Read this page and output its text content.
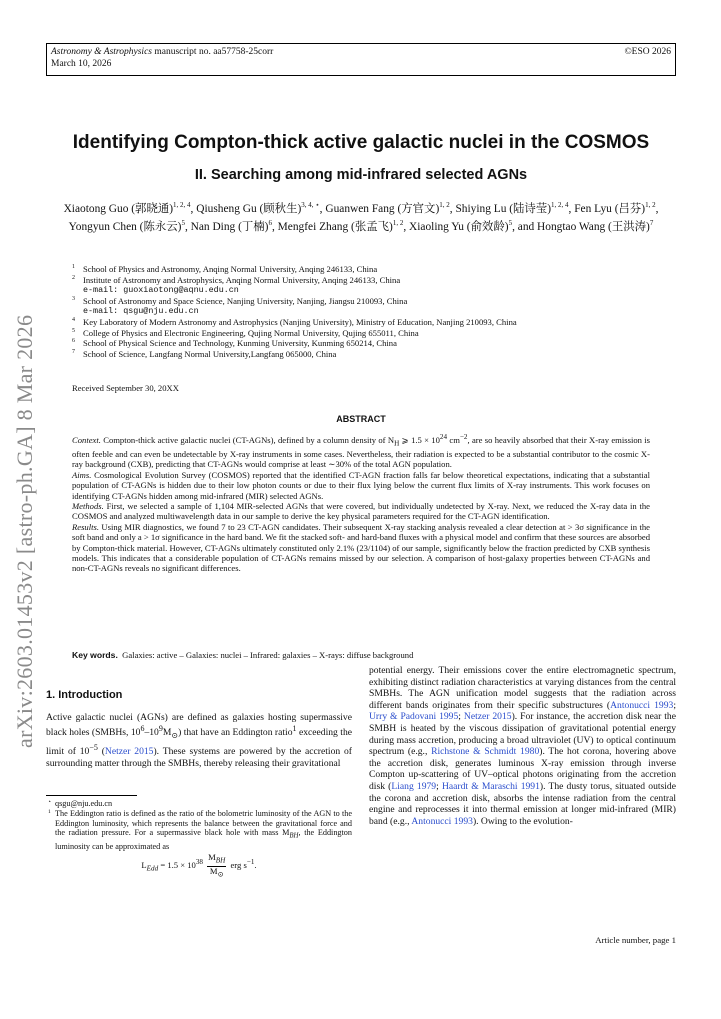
Astronomy & Astrophysics manuscript no. aa57758-25corr
March 10, 2026
©ESO 2026
arXiv:2603.01453v2 [astro-ph.GA] 8 Mar 2026
Identifying Compton-thick active galactic nuclei in the COSMOS
II. Searching among mid-infrared selected AGNs
Xiaotong Guo (郭晓通)$^{1, 2, 4}$, Qiusheng Gu (顾秋生)$^{3, 4, ⋆}$, Guanwen Fang (方官文)$^{1, 2}$, Shiying Lu (陆诗莹)$^{1, 2, 4}$, Fen Lyu (吕芬)$^{1, 2}$, Yongyun Chen (陈永云)$^5$, Nan Ding (丁楠)$^6$, Mengfei Zhang (张孟飞)$^{1, 2}$, Xiaoling Yu (俞效龄)$^5$, and Hongtao Wang (王洪涛)$^7$
1 School of Physics and Astronomy, Anqing Normal University, Anqing 246133, China
2 Institute of Astronomy and Astrophysics, Anqing Normal University, Anqing 246133, China
e-mail: guoxiaotong@aqnu.edu.cn
3 School of Astronomy and Space Science, Nanjing University, Nanjing, Jiangsu 210093, China
e-mail: qsgu@nju.edu.cn
4 Key Laboratory of Modern Astronomy and Astrophysics (Nanjing University), Ministry of Education, Nanjing 210093, China
5 College of Physics and Electronic Engineering, Qujing Normal University, Qujing 655011, China
6 School of Physical Science and Technology, Kunming University, Kunming 650214, China
7 School of Science, Langfang Normal University,Langfang 065000, China
Received September 30, 20XX
ABSTRACT

Context. Compton-thick active galactic nuclei (CT-AGNs), defined by a column density of $N_H$ ⩾ $1.5 \times 10^{24}$ $cm^{-2}$, are so heavily absorbed that their X-ray emission is often feeble and can even be undetectable by X-ray instruments in some cases. Nevertheless, their radiation is expected to be a substantial contributor to the cosmic X-ray background (CXB), predicting that CT-AGNs would comprise at least ∼30% of the total AGN population.

Aims. Cosmological Evolution Survey (COSMOS) reported that the identified CT-AGN fraction falls far below theoretical expectations, indicating that a substantial population of CT-AGNs is hidden due to their low photon counts or due to their flux lying below the current flux limits of X-ray instruments. This work focuses on identifying CT-AGNs hidden among mid-infrared (MIR) selected AGNs.

Methods. First, we selected a sample of 1,104 MIR-selected AGNs that were covered, but individually undetected by X-ray. Next, we reduced the X-ray data in the COSMOS and analyzed multiwavelength data in our sample to derive the key physical parameters required for the CT-AGN identification.

Results. Using MIR diagnostics, we found 7 to 23 CT-AGN candidates. Their subsequent X-ray stacking analysis revealed a clear detection at > 3σ significance in the soft band and only a > 1σ significance in the hard band. We fit the stacked soft- and hard-band fluxes with a physical model and confirm that these sources are absorbed by Compton-thick material. However, CT-AGNs ultimately constituted only 2.1% (23/1104) of our sample, significantly below the fraction predicted by CXB synthesis models. This indicates that a considerable population of CT-AGNs remains missed by our selection. A comparison of host-galaxy properties between CT-AGNs and non-CT-AGNs reveals no significant differences.

Key words. Galaxies: active – Galaxies: nuclei – Infrared: galaxies – X-rays: diffuse background
1. Introduction
Active galactic nuclei (AGNs) are defined as galaxies hosting supermassive black holes (SMBHs, $10^6-10^9M_⊙$) that have an Eddington ratio$^1$ exceeding the limit of $10^{-5}$ (Netzer 2015). These systems are powered by the accretion of surrounding matter through the SMBHs, thereby releasing their gravitational
⋆ qsgu@nju.edu.cn
1 The Eddington ratio is defined as the ratio of the bolometric luminosity of the AGN to the Eddington luminosity, which represents the balance between the gravitational force and the radiation pressure. For a supermassive black hole with mass $M_{BH}$, the Eddington luminosity can be approximated as
$L_{Edd} = 1.5 \times 10^{38} \frac{M_{BH}}{M_⊙}$ erg $s^{-1}$.
potential energy. Their emissions cover the entire electromagnetic spectrum, exhibiting distinct radiation characteristics at varying distances from the central SMBHs. The AGN unification model suggests that the radiation across different bands originates from their specific substructures (Antonucci 1993; Urry & Padovani 1995; Netzer 2015). For instance, the accretion disk near the SMBH is heated by the viscous dissipation of gravitational potential energy during mass accretion, producing a broad ultraviolet (UV) to optical continuum spectrum (e.g., Richstone & Schmidt 1980). The hot corona, hovering above the accretion disk, generates luminous X-ray emission through inverse Compton up-scattering of UV–optical photons originating from the accretion disk (Liang 1979; Haardt & Maraschi 1991). The dusty torus, situated outside the corona and accretion disk, absorbs the intense radiation from the central engine and reprocesses it into thermal emission at longer mid-infrared (MIR) band (e.g., Antonucci 1993). Owing to the evolution-
Article number, page 1
